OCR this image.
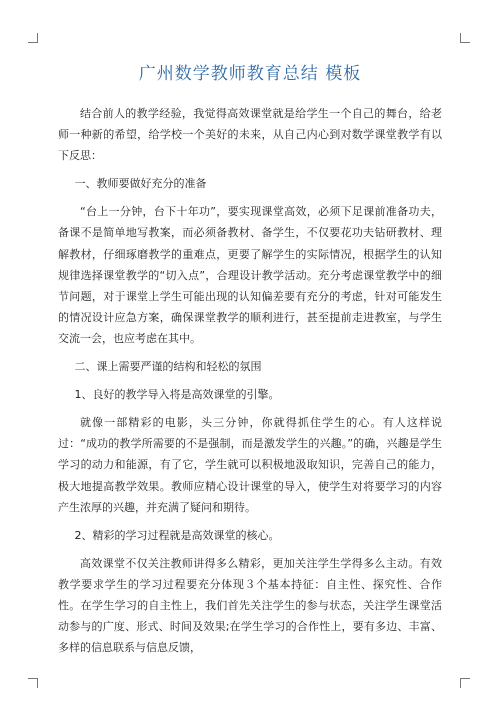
广州数学教师教育总结 模板

结合前人的教学经验，我觉得高效课堂就是给学生一个自己的舞台，给老师一种新的希望，给学校一个美好的未来，从自己内心到对数学课堂教学有以下反思：

一、教师要做好充分的准备

“台上一分钟，台下十年功”，要实现课堂高效，必须下足课前准备功夫，备课不是简单地写教案，而必须备教材、备学生，不仅要花功夫钻研教材、理解教材，仔细琢磨教学的重难点，更要了解学生的实际情况，根据学生的认知规律选择课堂教学的“切入点”，合理设计教学活动。充分考虑课堂教学中的细节问题，对于课堂上学生可能出现的认知偏差要有充分的考虑，针对可能发生的情况设计应急方案，确保课堂教学的顺利进行，甚至提前走进教室，与学生交流一会，也应考虑在其中。

二、课上需要严谨的结构和轻松的氛围

1、良好的教学导入将是高效课堂的引擎。

就像一部精彩的电影，头三分钟，你就得抓住学生的心。有人这样说过：“成功的教学所需要的不是强制，而是激发学生的兴趣。”的确，兴趣是学生学习的动力和能源，有了它，学生就可以积极地汲取知识，完善自己的能力，极大地提高教学效果。教师应精心设计课堂的导入，使学生对将要学习的内容产生浓厚的兴趣，并充满了疑问和期待。

2、精彩的学习过程就是高效课堂的核心。

高效课堂不仅关注教师讲得多么精彩，更加关注学生学得多么主动。有效教学要求学生的学习过程要充分体现３个基本持征：自主性、探究性、合作性。在学生学习的自主性上，我们首先关注学生的参与状态，关注学生课堂活动参与的广度、形式、时间及效果;在学生学习的合作性上，要有多边、丰富、多样的信息联系与信息反馈，
